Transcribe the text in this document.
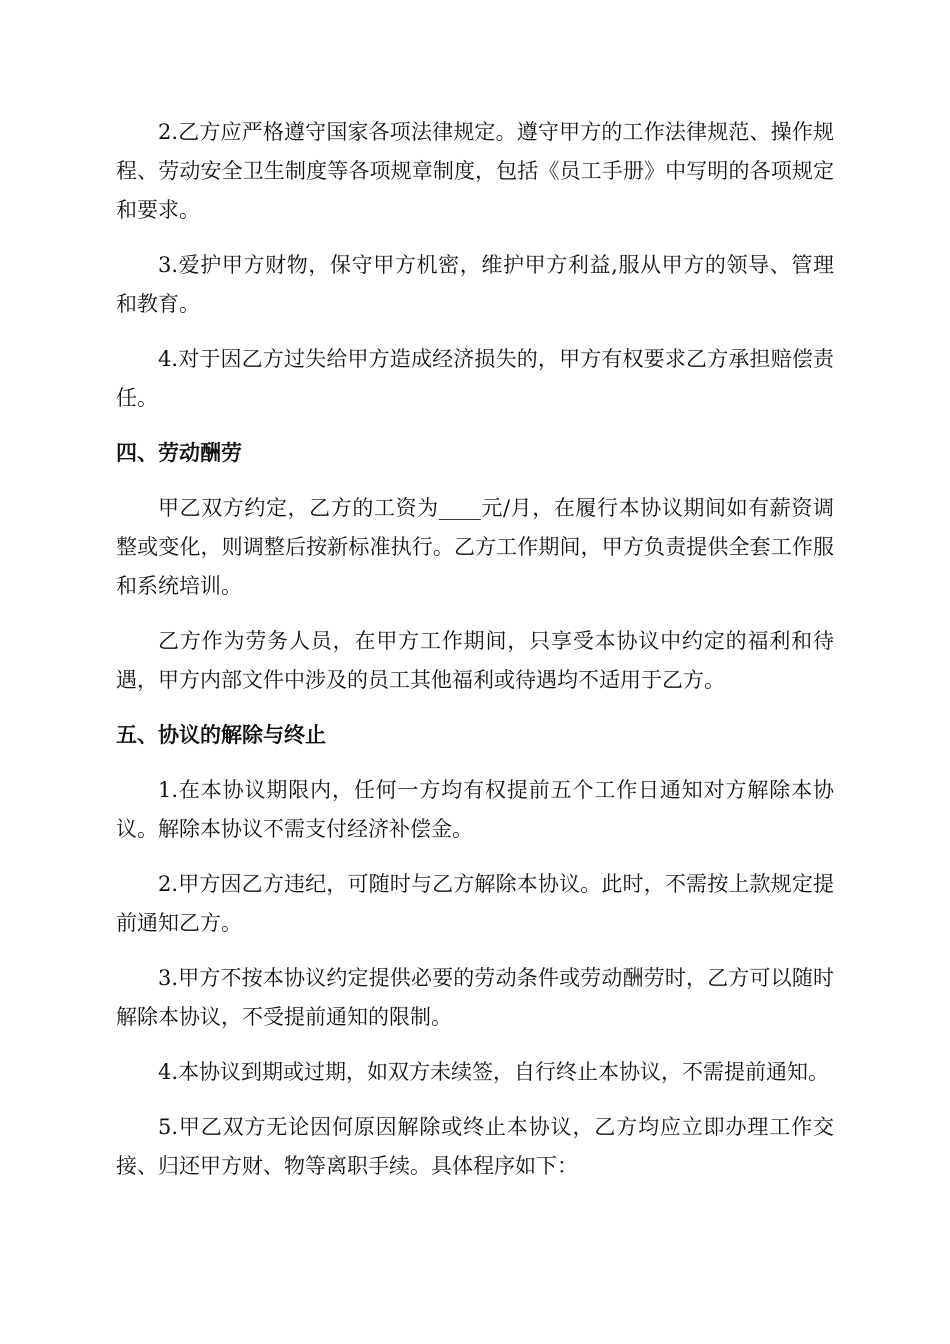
2.乙方应严格遵守国家各项法律规定。遵守甲方的工作法律规范、操作规程、劳动安全卫生制度等各项规章制度，包括《员工手册》中写明的各项规定和要求。

3.爱护甲方财物，保守甲方机密，维护甲方利益,服从甲方的领导、管理和教育。

4.对于因乙方过失给甲方造成经济损失的，甲方有权要求乙方承担赔偿责任。

四、劳动酬劳

甲乙双方约定，乙方的工资为____元/月，在履行本协议期间如有薪资调整或变化，则调整后按新标准执行。乙方工作期间，甲方负责提供全套工作服和系统培训。

乙方作为劳务人员，在甲方工作期间，只享受本协议中约定的福利和待遇，甲方内部文件中涉及的员工其他福利或待遇均不适用于乙方。

五、协议的解除与终止

1.在本协议期限内，任何一方均有权提前五个工作日通知对方解除本协议。解除本协议不需支付经济补偿金。

2.甲方因乙方违纪，可随时与乙方解除本协议。此时，不需按上款规定提前通知乙方。

3.甲方不按本协议约定提供必要的劳动条件或劳动酬劳时，乙方可以随时解除本协议，不受提前通知的限制。

4.本协议到期或过期，如双方未续签，自行终止本协议，不需提前通知。

5.甲乙双方无论因何原因解除或终止本协议，乙方均应立即办理工作交接、归还甲方财、物等离职手续。具体程序如下：
